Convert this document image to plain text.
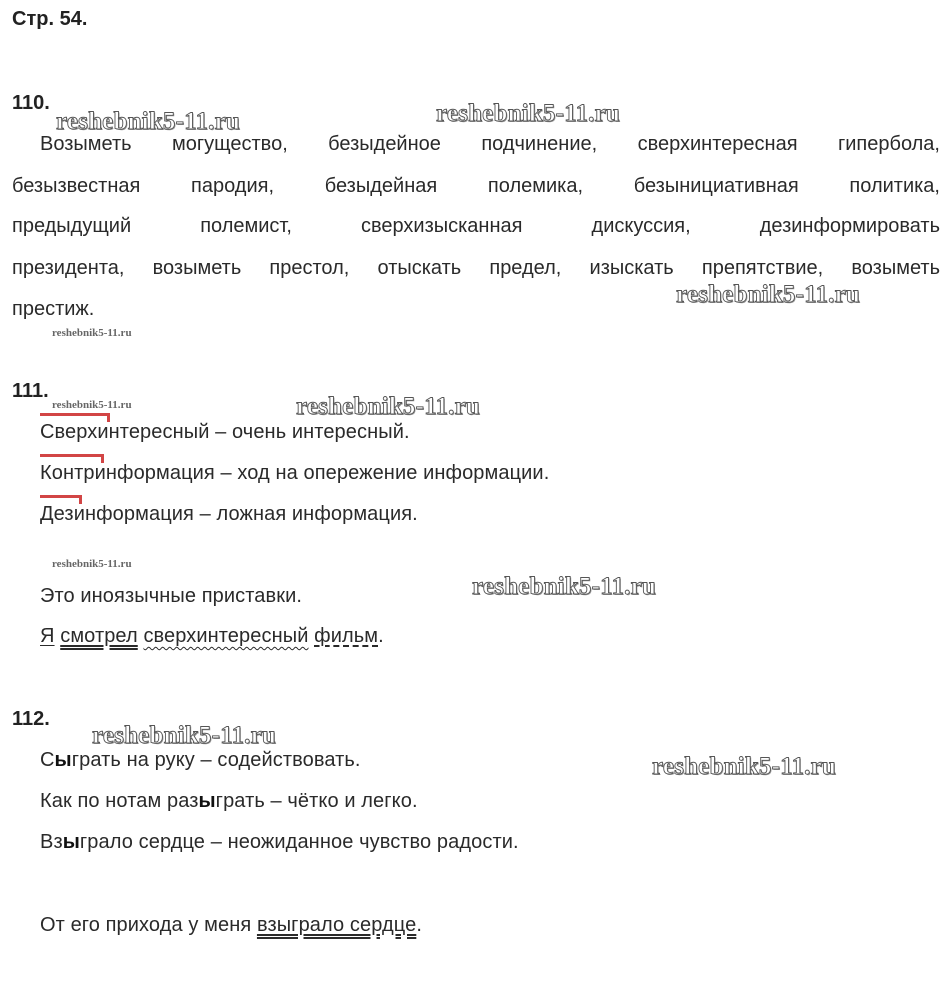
Стр. 54.
110.
Возыметь могущество, безыдейное подчинение, сверхинтересная гипербола,
безызвестная пародия, безыдейная полемика, безынициативная политика,
предыдущий полемист, сверхизысканная дискуссия, дезинформировать
президента, возыметь престол, отыскать предел, изыскать препятствие, возыметь
престиж.
111.
Сверхинтересный – очень интересный.
Контринформация – ход на опережение информации.
Дезинформация – ложная информация.
Это иноязычные приставки.
Я смотрел сверхинтересный фильм.
112.
Сыграть на руку – содействовать.
Как по нотам разыграть – чётко и легко.
Взыграло сердце – неожиданное чувство радости.
От его прихода у меня взыграло сердце.
reshebnik5-11.ru	reshebnik5-11.ru
reshebnik5-11.ru
reshebnik5-11.ru
reshebnik5-11.ru	reshebnik5-11.ru
reshebnik5-11.ru
reshebnik5-11.ru
reshebnik5-11.ru
reshebnik5-11.ru
